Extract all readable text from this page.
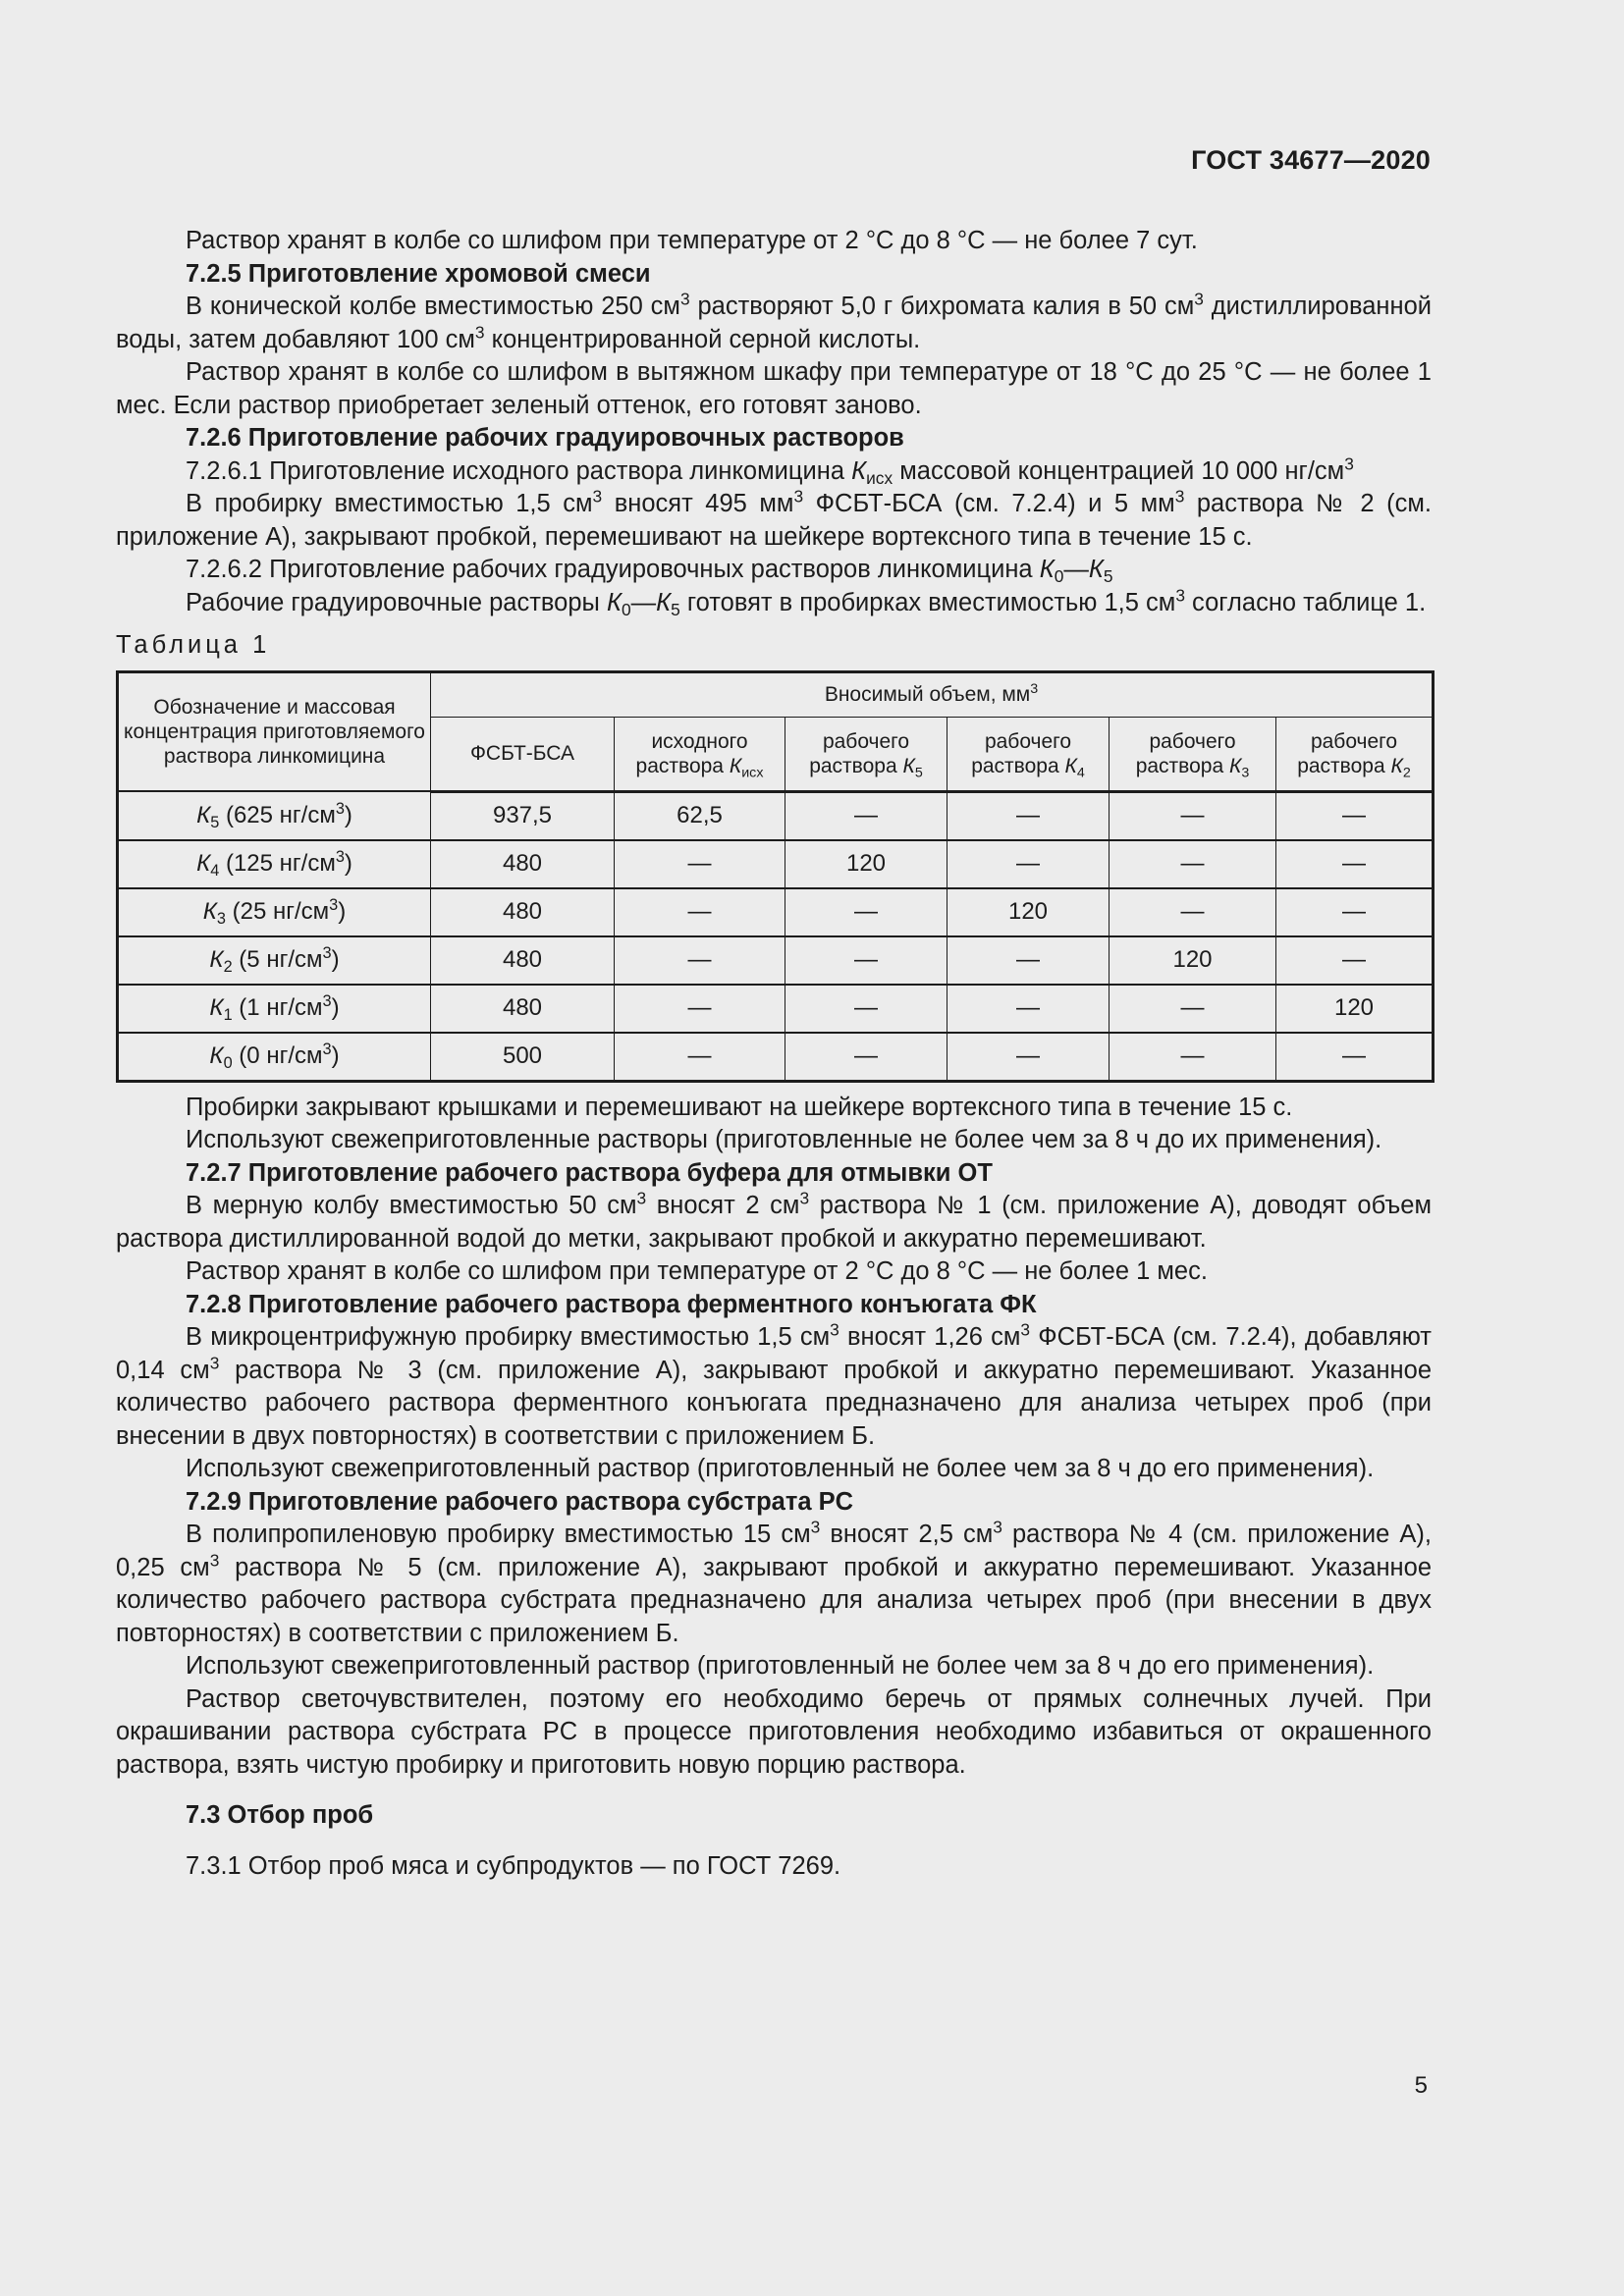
ГОСТ 34677—2020

Раствор хранят в колбе со шлифом при температуре от 2 °С до 8 °С — не более 7 сут.

7.2.5 Приготовление хромовой смеси

В конической колбе вместимостью 250 $см^3$ растворяют 5,0 г бихромата калия в 50 $см^3$ дистиллированной воды, затем добавляют 100 $см^3$ концентрированной серной кислоты.

Раствор хранят в колбе со шлифом в вытяжном шкафу при температуре от 18 °С до 25 °С — не более 1 мес. Если раствор приобретает зеленый оттенок, его готовят заново.

7.2.6 Приготовление рабочих градуировочных растворов

7.2.6.1 Приготовление исходного раствора линкомицина $К_{исх}$ массовой концентрацией 10 000 $нг/см^3$

В пробирку вместимостью 1,5 $см^3$ вносят 495 $мм^3$ ФСБТ-БСА (см. 7.2.4) и 5 $мм^3$ раствора № 2 (см. приложение А), закрывают пробкой, перемешивают на шейкере вортексного типа в течение 15 с.

7.2.6.2 Приготовление рабочих градуировочных растворов линкомицина $К_0—К_5$

Рабочие градуировочные растворы $К_0—К_5$ готовят в пробирках вместимостью 1,5 $см^3$ согласно таблице 1.

Таблица 1
Обозначение и массовая концентрация приготовляемого раствора линкомицина	Вносимый объем, $мм^3$
	ФСБТ-БСА	исходного раствора $К_{исх}$	рабочего раствора $К_5$	рабочего раствора $К_4$	рабочего раствора $К_3$	рабочего раствора $К_2$
$К_5$ (625 $нг/см^3$)	937,5	62,5	—	—	—	—
$К_4$ (125 $нг/см^3$)	480	—	120	—	—	—
$К_3$ (25 $нг/см^3$)	480	—	—	120	—	—
$К_2$ (5 $нг/см^3$)	480	—	—	—	120	—
$К_1$ (1 $нг/см^3$)	480	—	—	—	—	120
$К_0$ (0 $нг/см^3$)	500	—	—	—	—	—

Пробирки закрывают крышками и перемешивают на шейкере вортексного типа в течение 15 с.

Используют свежеприготовленные растворы (приготовленные не более чем за 8 ч до их применения).

7.2.7 Приготовление рабочего раствора буфера для отмывки ОТ

В мерную колбу вместимостью 50 $см^3$ вносят 2 $см^3$ раствора № 1 (см. приложение А), доводят объем раствора дистиллированной водой до метки, закрывают пробкой и аккуратно перемешивают.

Раствор хранят в колбе со шлифом при температуре от 2 °С до 8 °С — не более 1 мес.

7.2.8 Приготовление рабочего раствора ферментного конъюгата ФК

В микроцентрифужную пробирку вместимостью 1,5 $см^3$ вносят 1,26 $см^3$ ФСБТ-БСА (см. 7.2.4), добавляют 0,14 $см^3$ раствора № 3 (см. приложение А), закрывают пробкой и аккуратно перемешивают. Указанное количество рабочего раствора ферментного конъюгата предназначено для анализа четырех проб (при внесении в двух повторностях) в соответствии с приложением Б.

Используют свежеприготовленный раствор (приготовленный не более чем за 8 ч до его применения).

7.2.9 Приготовление рабочего раствора субстрата PC

В полипропиленовую пробирку вместимостью 15 $см^3$ вносят 2,5 $см^3$ раствора № 4 (см. приложение А), 0,25 $см^3$ раствора № 5 (см. приложение А), закрывают пробкой и аккуратно перемешивают. Указанное количество рабочего раствора субстрата предназначено для анализа четырех проб (при внесении в двух повторностях) в соответствии с приложением Б.

Используют свежеприготовленный раствор (приготовленный не более чем за 8 ч до его применения).

Раствор светочувствителен, поэтому его необходимо беречь от прямых солнечных лучей. При окрашивании раствора субстрата PC в процессе приготовления необходимо избавиться от окрашенного раствора, взять чистую пробирку и приготовить новую порцию раствора.

7.3 Отбор проб

7.3.1 Отбор проб мяса и субпродуктов — по ГОСТ 7269.

5
